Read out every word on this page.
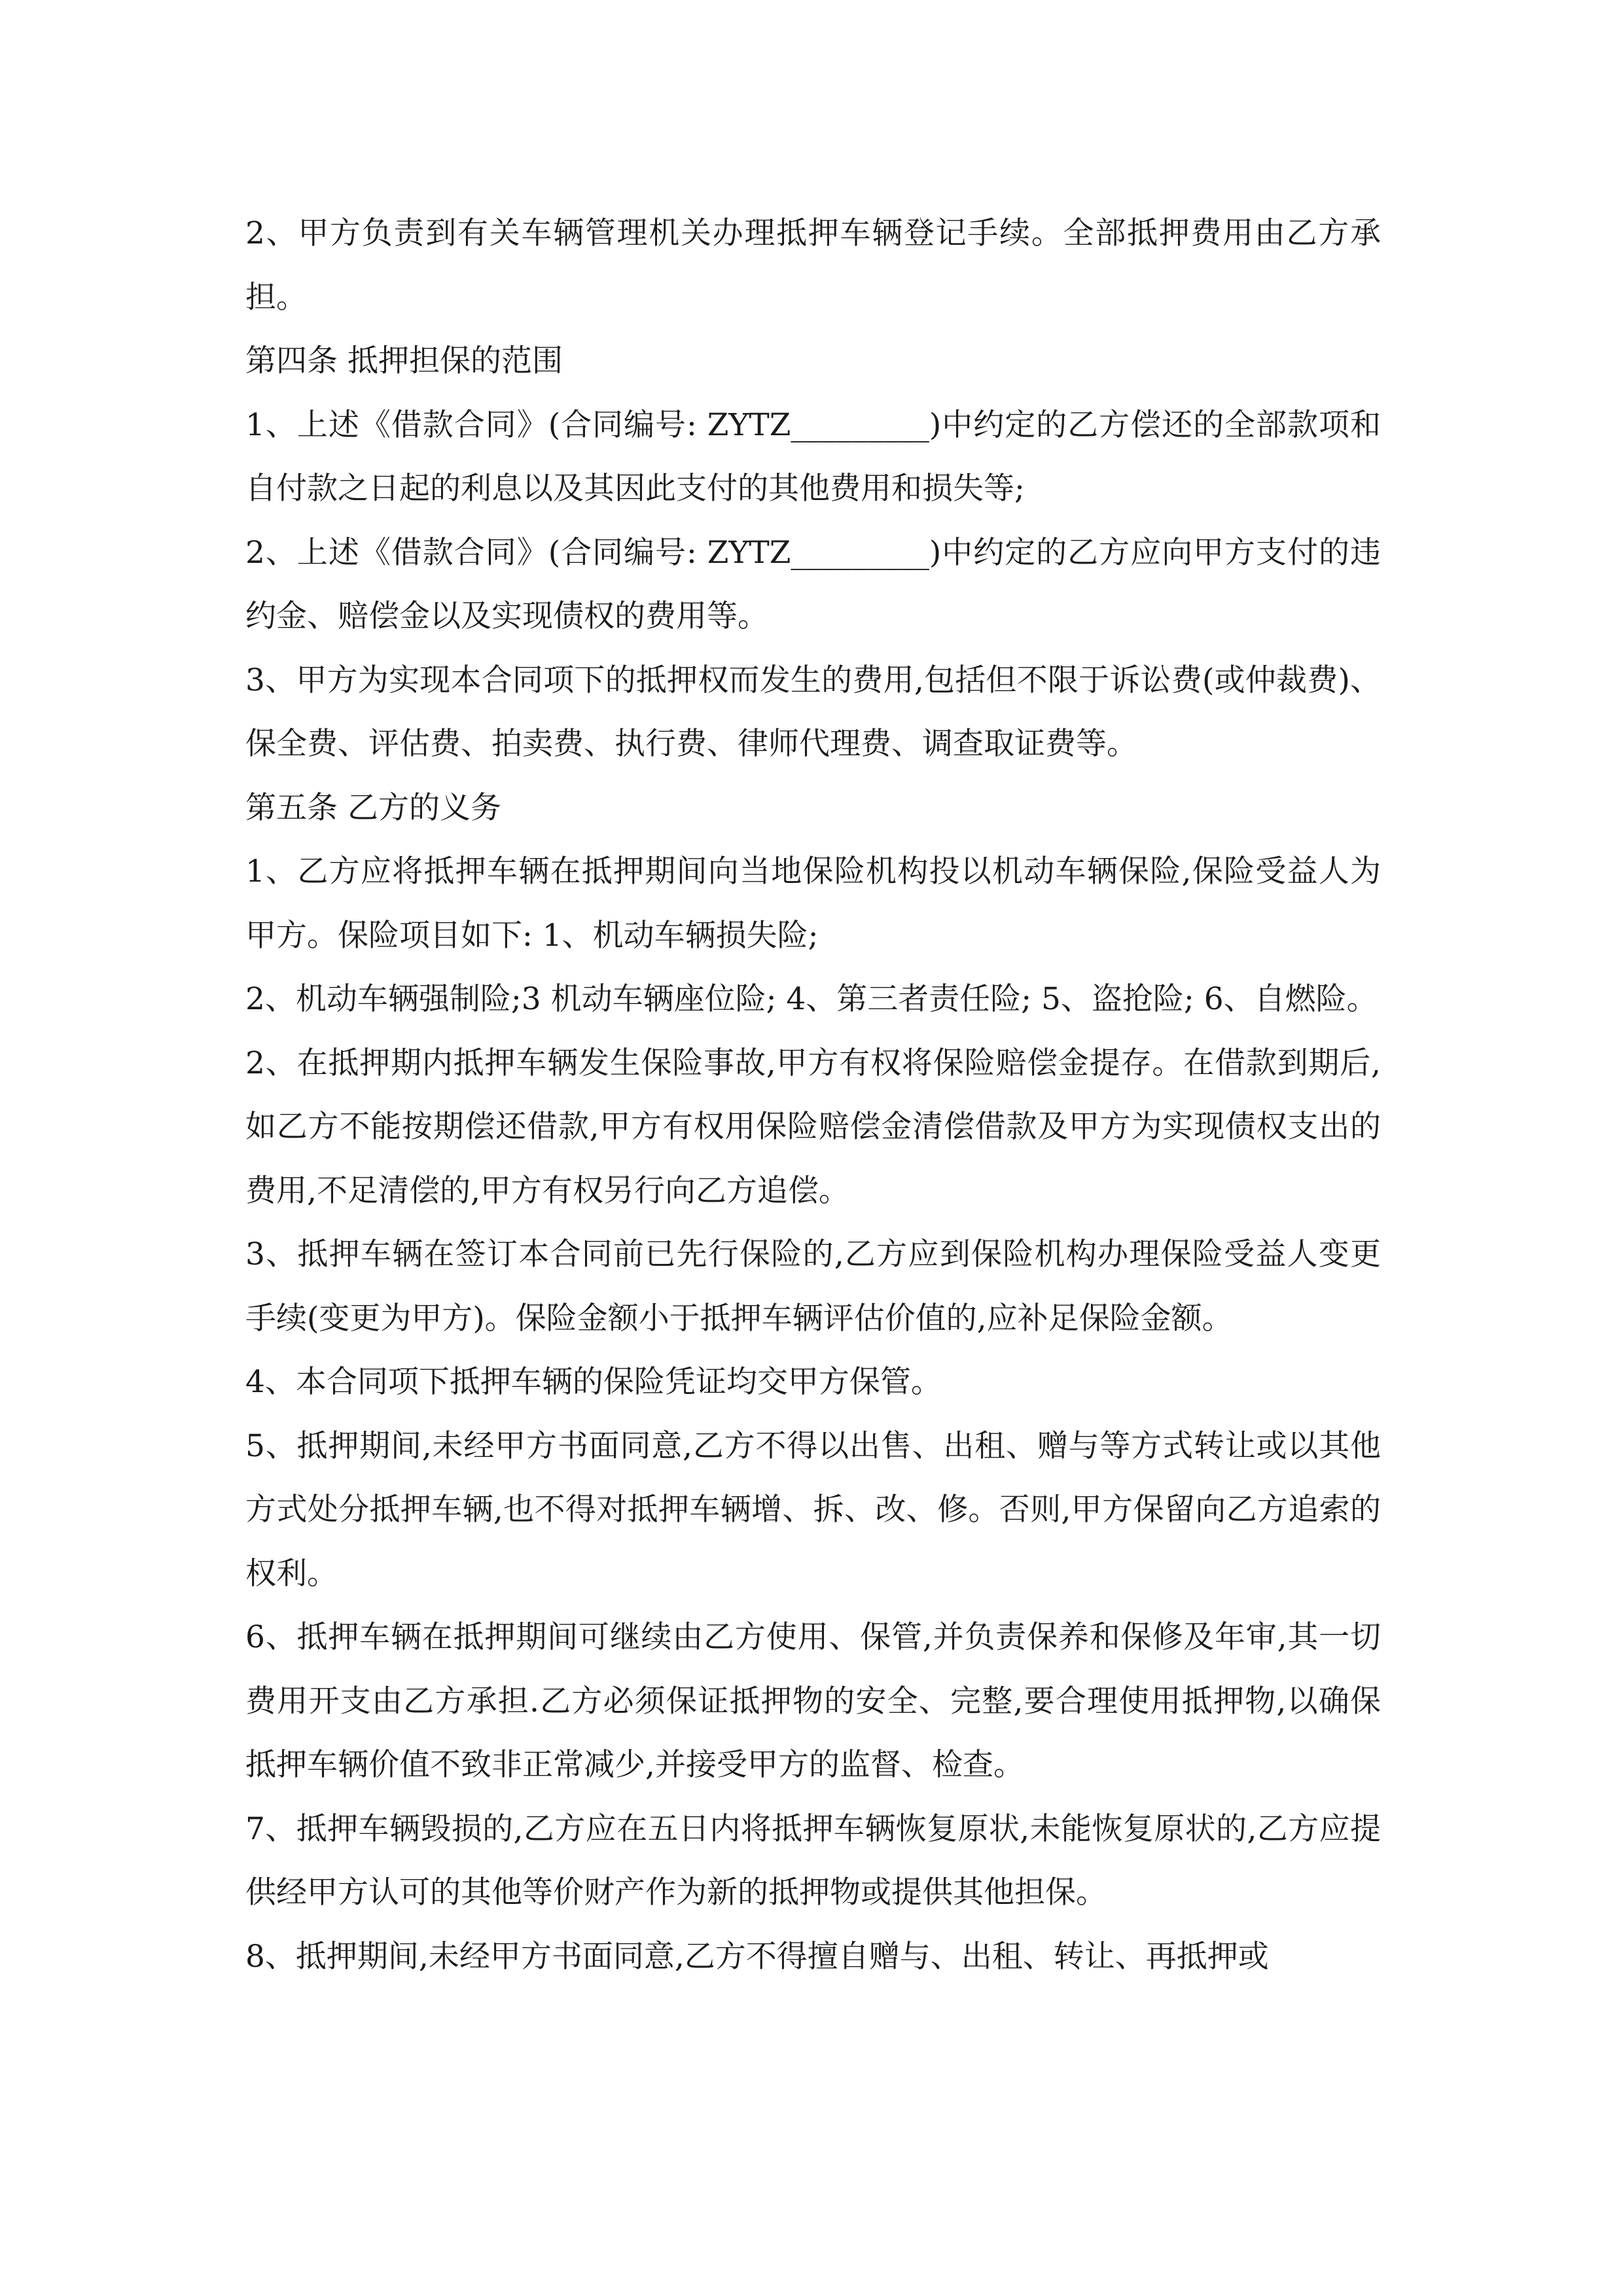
2、甲方负责到有关车辆管理机关办理抵押车辆登记手续。全部抵押费用由乙方承担。

第四条 抵押担保的范围

1、上述《借款合同》(合同编号: ZYTZ_________)中约定的乙方偿还的全部款项和自付款之日起的利息以及其因此支付的其他费用和损失等;

2、上述《借款合同》(合同编号: ZYTZ_________)中约定的乙方应向甲方支付的违约金、赔偿金以及实现债权的费用等。

3、甲方为实现本合同项下的抵押权而发生的费用,包括但不限于诉讼费(或仲裁费)、保全费、评估费、拍卖费、执行费、律师代理费、调查取证费等。

第五条 乙方的义务

1、乙方应将抵押车辆在抵押期间向当地保险机构投以机动车辆保险,保险受益人为甲方。保险项目如下: 1、机动车辆损失险;

2、机动车辆强制险;3 机动车辆座位险; 4、第三者责任险; 5、盗抢险; 6、自燃险。

2、在抵押期内抵押车辆发生保险事故,甲方有权将保险赔偿金提存。在借款到期后,如乙方不能按期偿还借款,甲方有权用保险赔偿金清偿借款及甲方为实现债权支出的费用,不足清偿的,甲方有权另行向乙方追偿。

3、抵押车辆在签订本合同前已先行保险的,乙方应到保险机构办理保险受益人变更手续(变更为甲方)。保险金额小于抵押车辆评估价值的,应补足保险金额。

4、本合同项下抵押车辆的保险凭证均交甲方保管。

5、抵押期间,未经甲方书面同意,乙方不得以出售、出租、赠与等方式转让或以其他方式处分抵押车辆,也不得对抵押车辆增、拆、改、修。否则,甲方保留向乙方追索的权利。

6、抵押车辆在抵押期间可继续由乙方使用、保管,并负责保养和保修及年审,其一切费用开支由乙方承担.乙方必须保证抵押物的安全、完整,要合理使用抵押物,以确保抵押车辆价值不致非正常减少,并接受甲方的监督、检查。

7、抵押车辆毁损的,乙方应在五日内将抵押车辆恢复原状,未能恢复原状的,乙方应提供经甲方认可的其他等价财产作为新的抵押物或提供其他担保。

8、抵押期间,未经甲方书面同意,乙方不得擅自赠与、出租、转让、再抵押或
